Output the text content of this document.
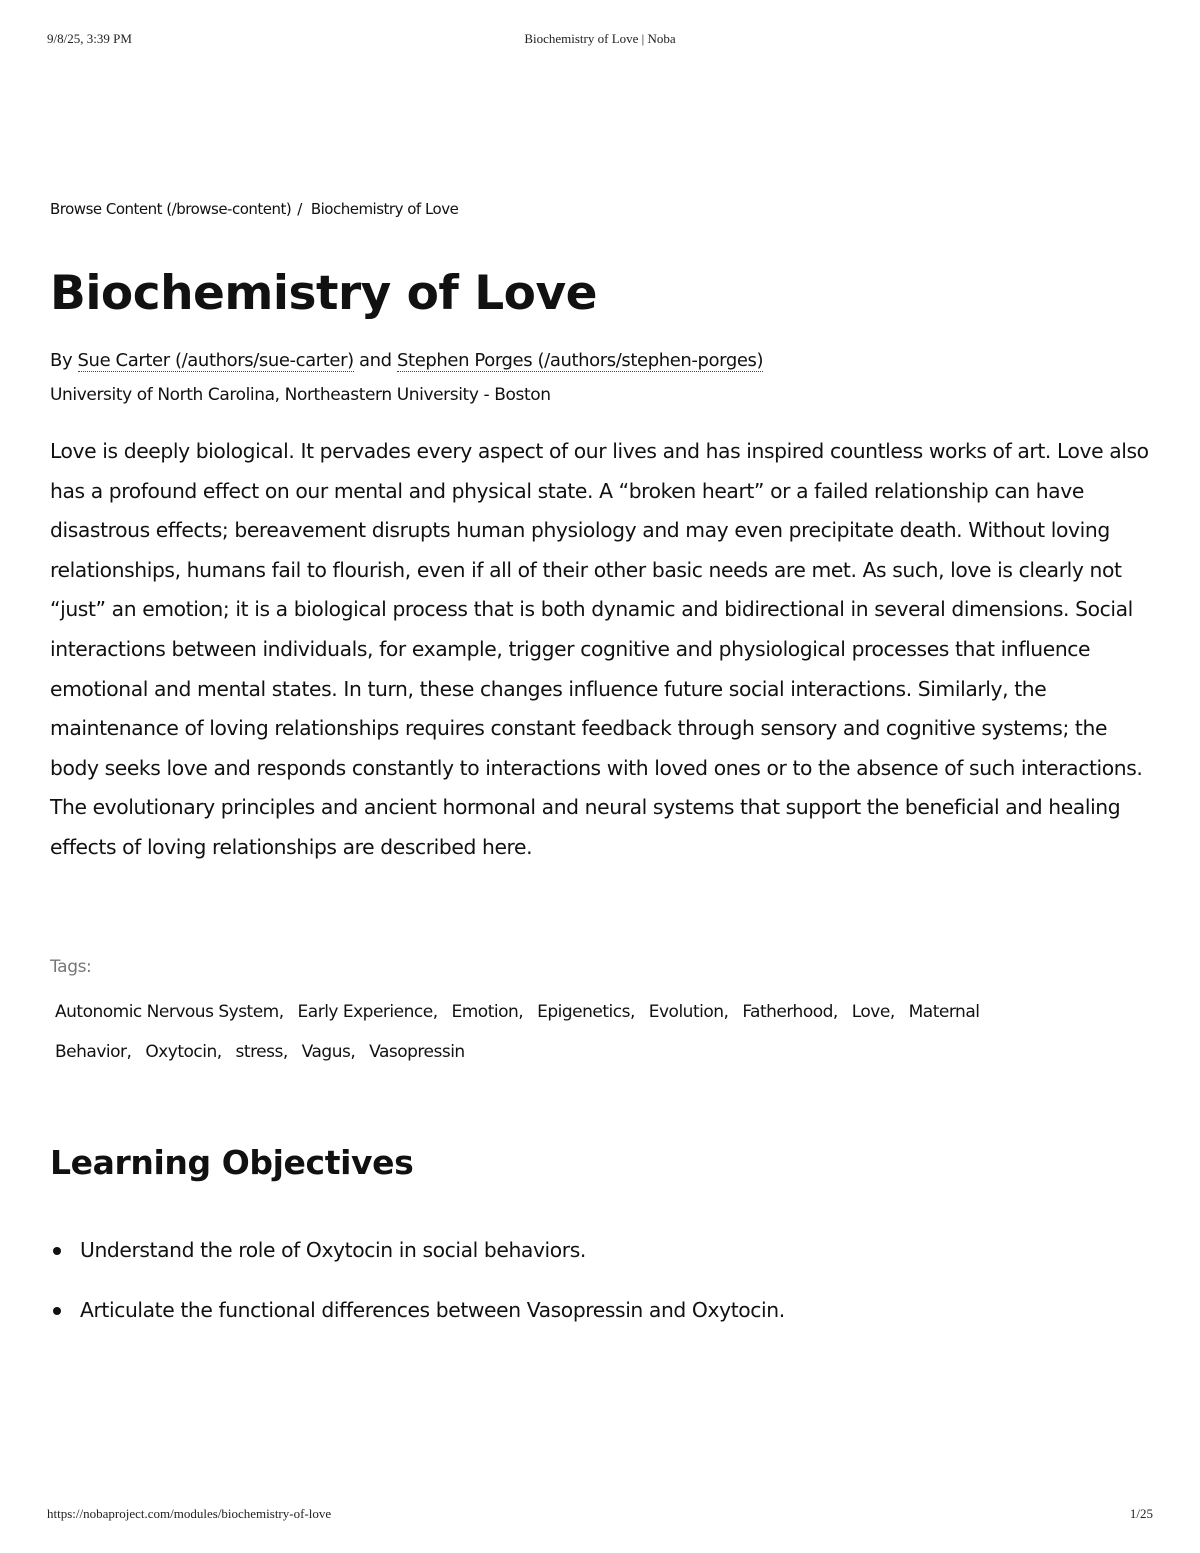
Biochemistry of Love | Noba
9/8/25, 3:39 PM
Browse Content (/browse-content) / Biochemistry of Love
Biochemistry of Love
By Sue Carter (/authors/sue-carter) and Stephen Porges (/authors/stephen-porges)
University of North Carolina, Northeastern University - Boston

Love is deeply biological. It pervades every aspect of our lives and has inspired countless works of art. Love also has a profound effect on our mental and physical state. A “broken heart” or a failed relationship can have disastrous effects; bereavement disrupts human physiology and may even precipitate death. Without loving relationships, humans fail to flourish, even if all of their other basic needs are met. As such, love is clearly not “just” an emotion; it is a biological process that is both dynamic and bidirectional in several dimensions. Social interactions between individuals, for example, trigger cognitive and physiological processes that influence emotional and mental states. In turn, these changes influence future social interactions. Similarly, the maintenance of loving relationships requires constant feedback through sensory and cognitive systems; the body seeks love and responds constantly to interactions with loved ones or to the absence of such interactions. The evolutionary principles and ancient hormonal and neural systems that support the beneficial and healing effects of loving relationships are described here.

Tags:
Autonomic Nervous System, Early Experience, Emotion, Epigenetics, Evolution, Fatherhood, Love, Maternal Behavior, Oxytocin, stress, Vagus, Vasopressin
Learning Objectives
Understand the role of Oxytocin in social behaviors.
Articulate the functional differences between Vasopressin and Oxytocin.
https://nobaproject.com/modules/biochemistry-of-love	1/25
